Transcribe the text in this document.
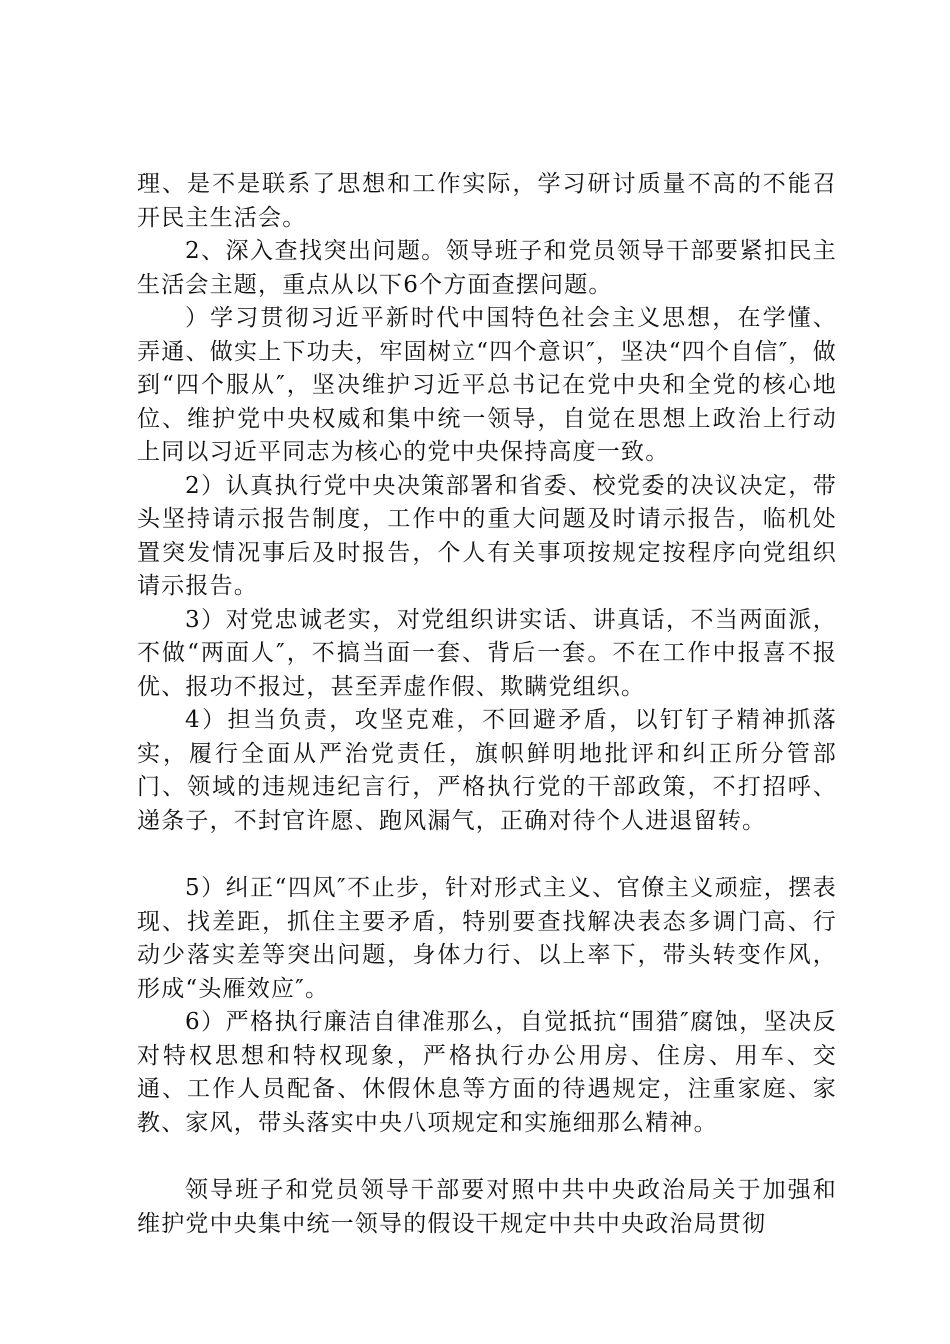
理、是不是联系了思想和工作实际，学习研讨质量不高的不能召开民主生活会。

2、深入查找突出问题。领导班子和党员领导干部要紧扣民主生活会主题，重点从以下6个方面查摆问题。

）学习贯彻习近平新时代中国特色社会主义思想，在学懂、弄通、做实上下功夫，牢固树立“四个意识″，坚决“四个自信″，做到“四个服从″，坚决维护习近平总书记在党中央和全党的核心地位、维护党中央权威和集中统一领导，自觉在思想上政治上行动上同以习近平同志为核心的党中央保持高度一致。

2）认真执行党中央决策部署和省委、校党委的决议决定，带头坚持请示报告制度，工作中的重大问题及时请示报告，临机处置突发情况事后及时报告，个人有关事项按规定按程序向党组织请示报告。

3）对党忠诚老实，对党组织讲实话、讲真话，不当两面派，不做“两面人″，不搞当面一套、背后一套。不在工作中报喜不报优、报功不报过，甚至弄虚作假、欺瞒党组织。

4）担当负责，攻坚克难，不回避矛盾，以钉钉子精神抓落实，履行全面从严治党责任，旗帜鲜明地批评和纠正所分管部门、领域的违规违纪言行，严格执行党的干部政策，不打招呼、递条子，不封官许愿、跑风漏气，正确对待个人进退留转。

5）纠正“四风″不止步，针对形式主义、官僚主义顽症，摆表现、找差距，抓住主要矛盾，特别要查找解决表态多调门高、行动少落实差等突出问题，身体力行、以上率下，带头转变作风，形成“头雁效应″。

6）严格执行廉洁自律准那么，自觉抵抗“围猎″腐蚀，坚决反对特权思想和特权现象，严格执行办公用房、住房、用车、交通、工作人员配备、休假休息等方面的待遇规定，注重家庭、家教、家风，带头落实中央八项规定和实施细那么精神。

领导班子和党员领导干部要对照中共中央政治局关于加强和维护党中央集中统一领导的假设干规定中共中央政治局贯彻
